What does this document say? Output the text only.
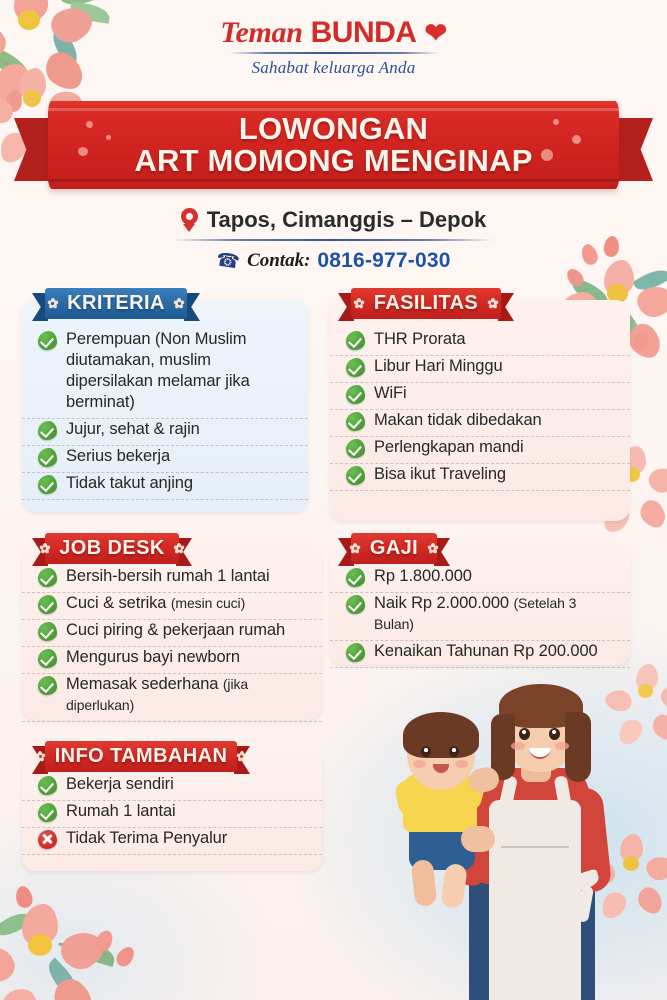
Teman BUNDA ❤
Sahabat keluarga Anda
LOWONGAN
ART MOMONG MENGINAP
Tapos, Cimanggis – Depok
☎ Contak: 0816-977-030
KRITERIA
Perempuan (Non Muslim diutamakan, muslim dipersilakan melamar jika berminat)
Jujur, sehat & rajin
Serius bekerja
Tidak takut anjing
FASILITAS
THR Prorata
Libur Hari Minggu
WiFi
Makan tidak dibedakan
Perlengkapan mandi
Bisa ikut Traveling
JOB DESK
Bersih-bersih rumah 1 lantai
Cuci & setrika (mesin cuci)
Cuci piring & pekerjaan rumah
Mengurus bayi newborn
Memasak sederhana (jika diperlukan)
GAJI
Rp 1.800.000
Naik Rp 2.000.000 (Setelah 3 Bulan)
Kenaikan Tahunan Rp 200.000
INFO TAMBAHAN
Bekerja sendiri
Rumah 1 lantai
Tidak Terima Penyalur
